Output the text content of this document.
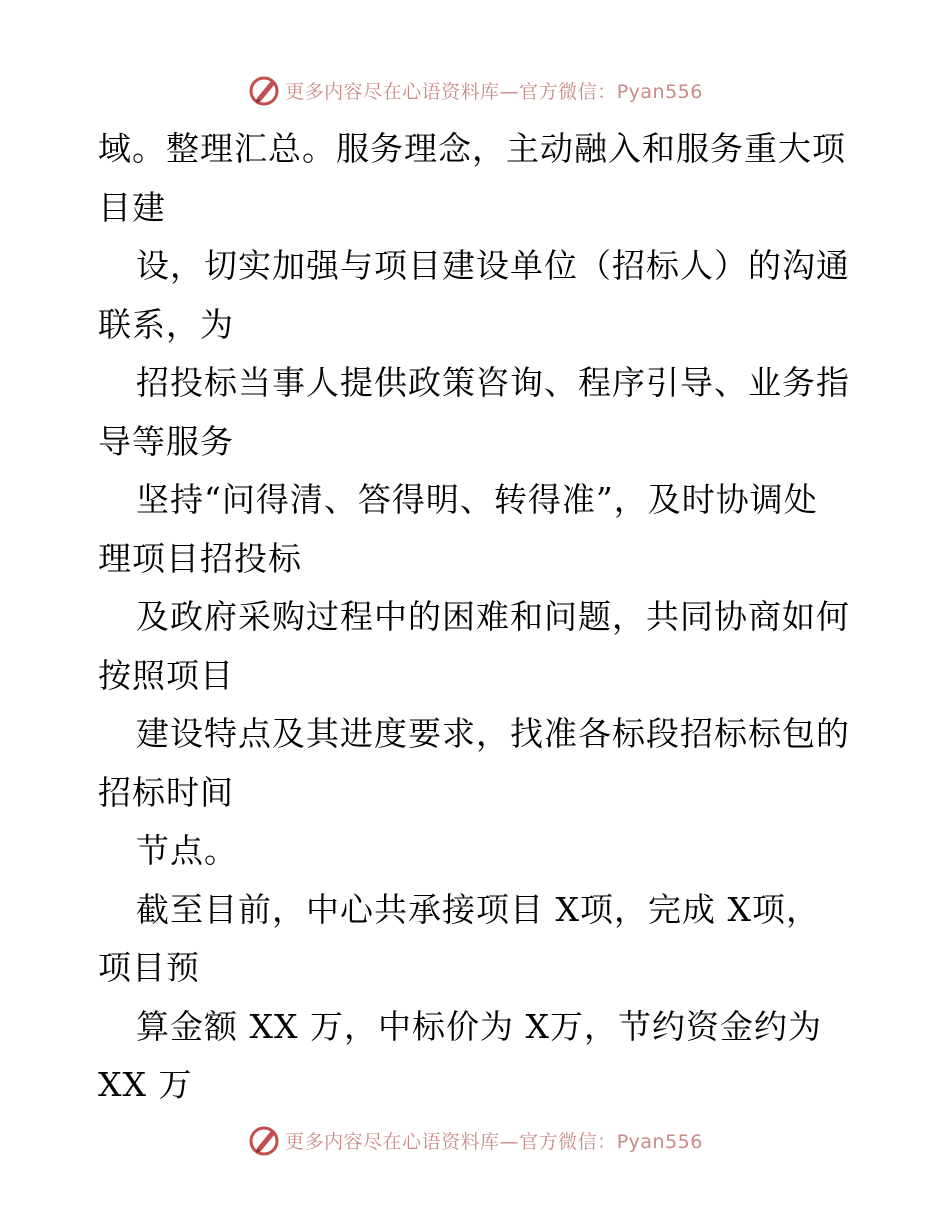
更多内容尽在心语资料库—官方微信：Pyan556
域。整理汇总。服务理念，主动融入和服务重大项
目建
设，切实加强与项目建设单位（招标人）的沟通
联系，为
招投标当事人提供政策咨询、程序引导、业务指
导等服务
坚持“问得清、答得明、转得准”，及时协调处
理项目招投标
及政府采购过程中的困难和问题，共同协商如何
按照项目
建设特点及其进度要求，找准各标段招标标包的
招标时间
节点。
截至目前，中心共承接项目 X项，完成 X项，
项目预
算金额 XX 万，中标价为 X万，节约资金约为
XX 万
更多内容尽在心语资料库—官方微信：Pyan556
